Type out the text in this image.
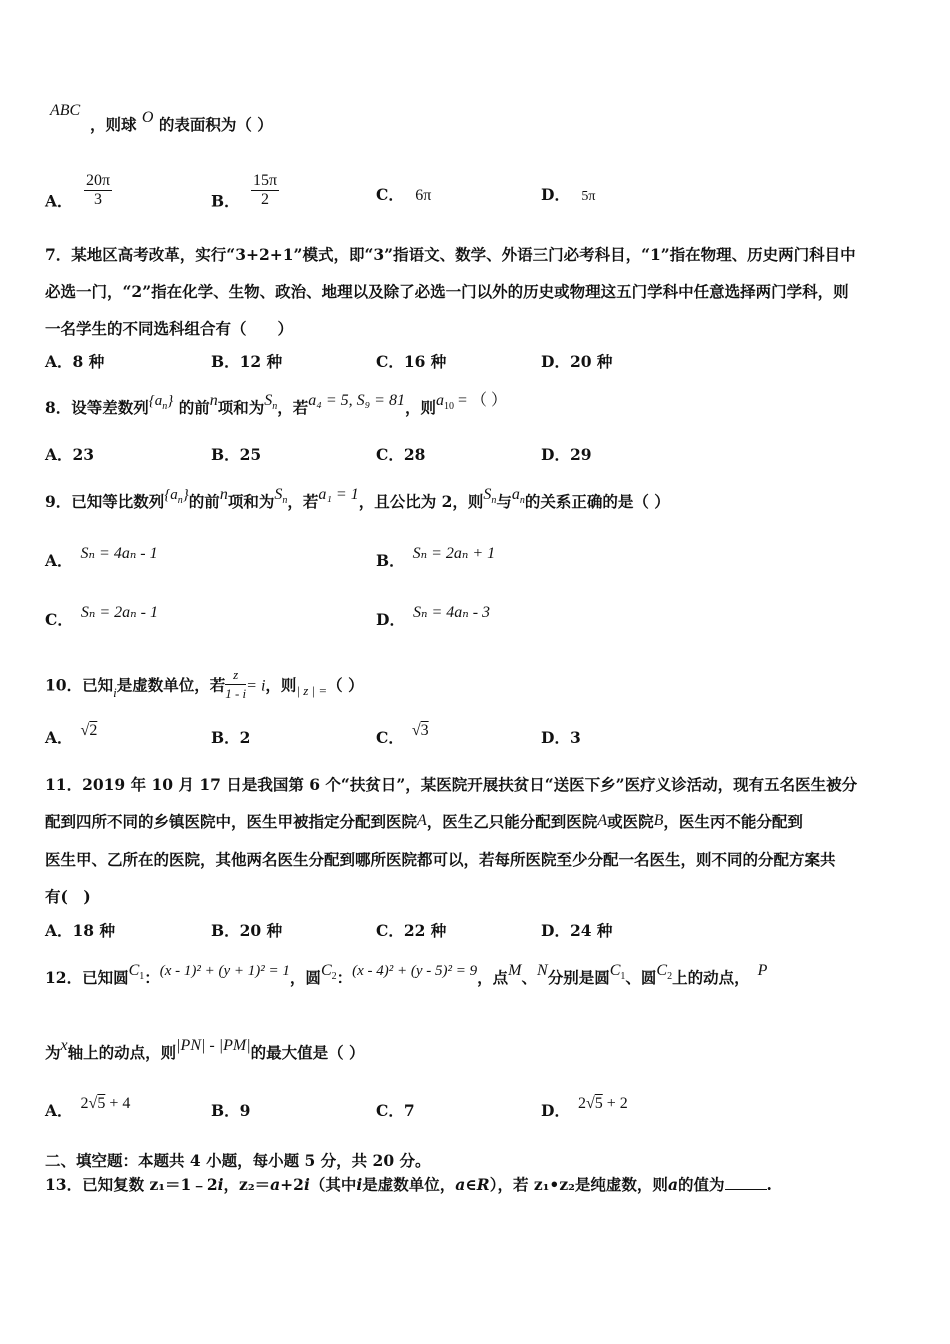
ABC
，则球 O 的表面积为（ ）
A． $\frac{20\pi}{3}$	B． $\frac{15\pi}{2}$	C． 6π	D． 5π
7．某地区高考改革，实行“3+2+1”模式，即“3”指语文、数学、外语三门必考科目，“1”指在物理、历史两门科目中
必选一门，“2”指在化学、生物、政治、地理以及除了必选一门以外的历史或物理这五门学科中任意选择两门学科，则
一名学生的不同选科组合有（　　）
A．8 种	B．12 种	C．16 种	D．20 种
8．设等差数列$\{a_n\}$ 的前n项和为$S_n$，若a₄ = 5, S₉ = 81，则$a_{10}$ = （ ）
A．23	B．25	C．28	D．29
9．已知等比数列$\{a_n\}$的前n项和为$S_n$，若a₁ = 1，且公比为 2，则$S_n$与$a_n$的关系正确的是（ ）
A． Sₙ = 4aₙ - 1	B． Sₙ = 2aₙ + 1
C． Sₙ = 2aₙ - 1	D． Sₙ = 4aₙ - 3
10．已知$_i$是虚数单位，若 $\frac{z}{1 - i} = i$，则$_{| z | =}$（ ）
A． √2	B．2	C． √3	D．3
11．2019 年 10 月 17 日是我国第 6 个“扶贫日”，某医院开展扶贫日“送医下乡”医疗义诊活动，现有五名医生被分
配到四所不同的乡镇医院中，医生甲被指定分配到医院A，医生乙只能分配到医院A或医院B，医生丙不能分配到
医生甲、乙所在的医院，其他两名医生分配到哪所医院都可以，若每所医院至少分配一名医生，则不同的分配方案共
有(　)
A．18 种	B．20 种	C．22 种	D．24 种
12．已知圆$C_1$：(x - 1)² + (y + 1)² = 1，圆$C_2$：(x - 4)² + (y - 5)² = 9，点M、N分别是圆$C_1$、圆$C_2$上的动点， P
为x轴上的动点，则|PN| - |PM|的最大值是（ ）
A． 2√5 + 4	B．9	C．7	D． 2√5 + 2
二、填空题：本题共 4 小题，每小题 5 分，共 20 分。
13．已知复数 z₁＝1﹣2i，z₂＝a+2i（其中i是虚数单位，a∈R），若 z₁•z₂是纯虚数，则a的值为	.
